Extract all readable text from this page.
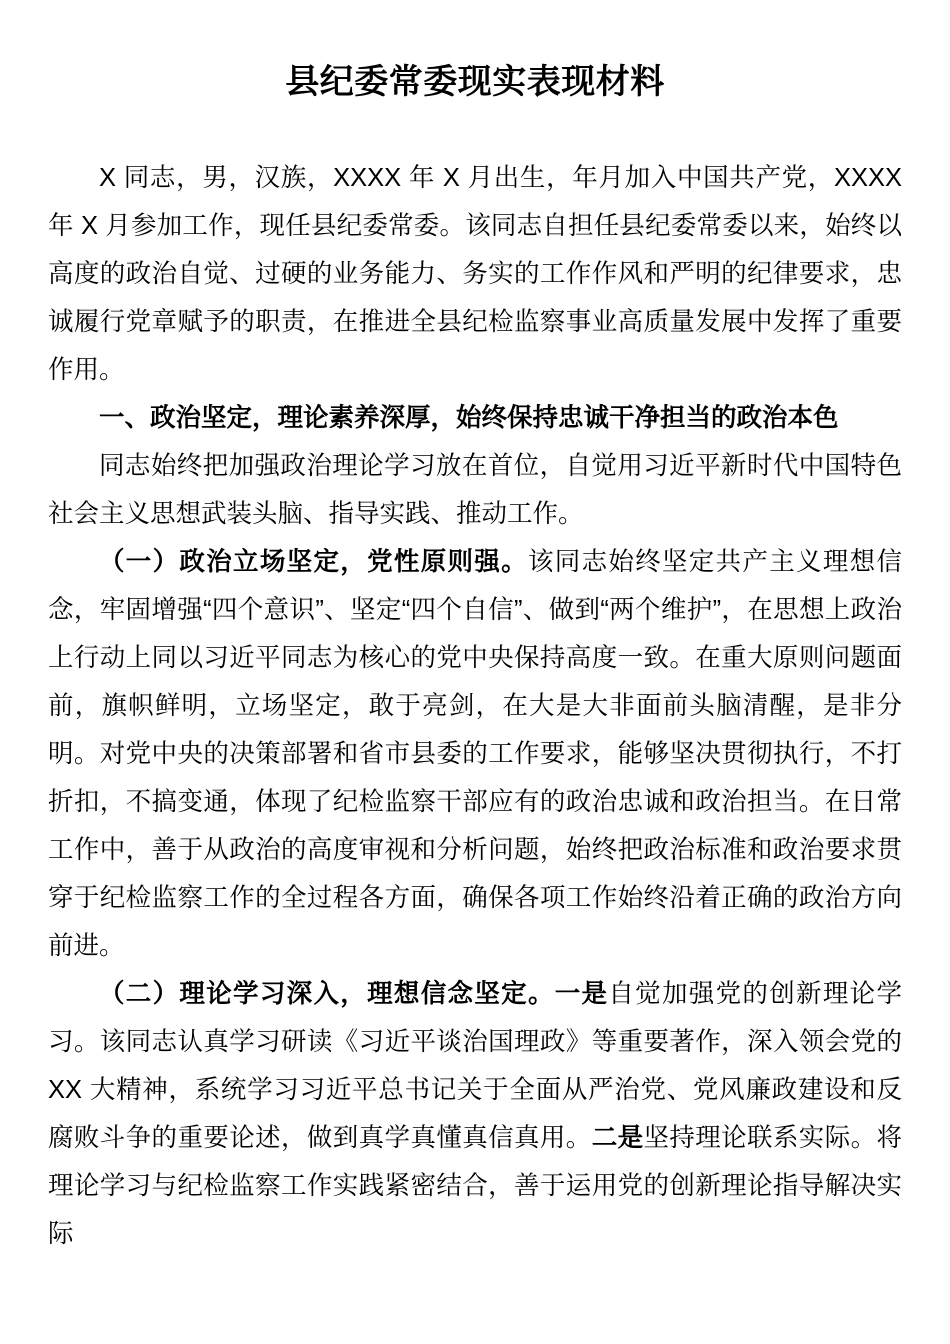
县纪委常委现实表现材料

X 同志，男，汉族，XXXX 年 X 月出生，年月加入中国共产党，XXXX 年 X 月参加工作，现任县纪委常委。该同志自担任县纪委常委以来，始终以高度的政治自觉、过硬的业务能力、务实的工作作风和严明的纪律要求，忠诚履行党章赋予的职责，在推进全县纪检监察事业高质量发展中发挥了重要作用。

一、政治坚定，理论素养深厚，始终保持忠诚干净担当的政治本色

同志始终把加强政治理论学习放在首位，自觉用习近平新时代中国特色社会主义思想武装头脑、指导实践、推动工作。

（一）政治立场坚定，党性原则强。该同志始终坚定共产主义理想信念，牢固增强“四个意识”、坚定“四个自信”、做到“两个维护”，在思想上政治上行动上同以习近平同志为核心的党中央保持高度一致。在重大原则问题面前，旗帜鲜明，立场坚定，敢于亮剑，在大是大非面前头脑清醒，是非分明。对党中央的决策部署和省市县委的工作要求，能够坚决贯彻执行，不打折扣，不搞变通，体现了纪检监察干部应有的政治忠诚和政治担当。在日常工作中，善于从政治的高度审视和分析问题，始终把政治标准和政治要求贯穿于纪检监察工作的全过程各方面，确保各项工作始终沿着正确的政治方向前进。

（二）理论学习深入，理想信念坚定。一是自觉加强党的创新理论学习。该同志认真学习研读《习近平谈治国理政》等重要著作，深入领会党的 XX 大精神，系统学习习近平总书记关于全面从严治党、党风廉政建设和反腐败斗争的重要论述，做到真学真懂真信真用。二是坚持理论联系实际。将理论学习与纪检监察工作实践紧密结合，善于运用党的创新理论指导解决实际
